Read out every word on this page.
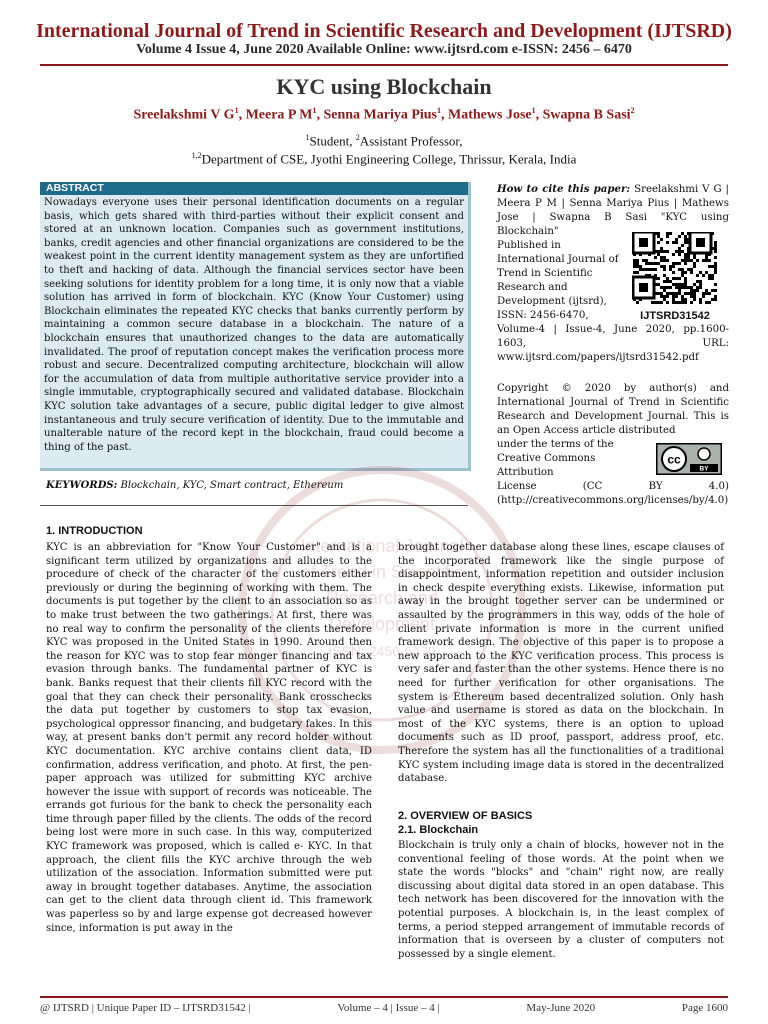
International Journal of Trend in Scientific Research and Development (IJTSRD)
Volume 4 Issue 4, June 2020 Available Online: www.ijtsrd.com e-ISSN: 2456 – 6470
KYC using Blockchain
Sreelakshmi V $G^1$, Meera P $M^1$, Senna Mariya Pius$^1$, Mathews Jose$^1$, Swapna B Sasi$^2$
$^1$Student, $^2$Assistant Professor,
$^{1,2}$Department of CSE, Jyothi Engineering College, Thrissur, Kerala, India
ABSTRACT
Nowadays everyone uses their personal identification documents on a regular basis, which gets shared with third-parties without their explicit consent and stored at an unknown location. Companies such as government institutions, banks, credit agencies and other financial organizations are considered to be the weakest point in the current identity management system as they are unfortified to theft and hacking of data. Although the financial services sector have been seeking solutions for identity problem for a long time, it is only now that a viable solution has arrived in form of blockchain. KYC (Know Your Customer) using Blockchain eliminates the repeated KYC checks that banks currently perform by maintaining a common secure database in a blockchain. The nature of a blockchain ensures that unauthorized changes to the data are automatically invalidated. The proof of reputation concept makes the verification process more robust and secure. Decentralized computing architecture, blockchain will allow for the accumulation of data from multiple authoritative service provider into a single immutable, cryptographically secured and validated database. Blockchain KYC solution take advantages of a secure, public digital ledger to give almost instantaneous and truly secure verification of identity. Due to the immutable and unalterable nature of the record kept in the blockchain, fraud could become a thing of the past.
KEYWORDS: Blockchain, KYC, Smart contract, Ethereum
How to cite this paper: Sreelakshmi V G | Meera P M | Senna Mariya Pius | Mathews Jose | Swapna B Sasi "KYC using Blockchain"
Published in International Journal of Trend in Scientific Research and Development (ijtsrd), ISSN: 2456-6470,
Volume-4 | Issue-4, June 2020, pp.1600-1603, URL: www.ijtsrd.com/papers/ijtsrd31542.pdf
IJTSRD31542
Copyright © 2020 by author(s) and International Journal of Trend in Scientific Research and Development Journal. This is an Open Access article distributed
under the terms of the Creative Commons Attribution
License (CC BY 4.0) (http://creativecommons.org/licenses/by/4.0)
cc
BY
International Journal
of Trend in Scientific
Research and
Development
ISSN: 2456-6470
1. INTRODUCTION
KYC is an abbreviation for "Know Your Customer" and is a significant term utilized by organizations and alludes to the procedure of check of the character of the customers either previously or during the beginning of working with them. The documents is put together by the client to an association so as to make trust between the two gatherings. At first, there was no real way to confirm the personality of the clients therefore KYC was proposed in the United States in 1990. Around then the reason for KYC was to stop fear monger financing and tax evasion through banks. The fundamental partner of KYC is bank. Banks request that their clients fill KYC record with the goal that they can check their personality. Bank crosschecks the data put together by customers to stop tax evasion, psychological oppressor financing, and budgetary fakes. In this way, at present banks don't permit any record holder without KYC documentation. KYC archive contains client data, ID confirmation, address verification, and photo. At first, the pen-paper approach was utilized for submitting KYC archive however the issue with support of records was noticeable. The errands got furious for the bank to check the personality each time through paper filled by the clients. The odds of the record being lost were more in such case. In this way, computerized KYC framework was proposed, which is called e- KYC. In that approach, the client fills the KYC archive through the web utilization of the association. Information submitted were put away in brought together databases. Anytime, the association can get to the client data through client id. This framework was paperless so by and large expense got decreased however since, information is put away in the
brought together database along these lines, escape clauses of the incorporated framework like the single purpose of disappointment, information repetition and outsider inclusion in check despite everything exists. Likewise, information put away in the brought together server can be undermined or assaulted by the programmers in this way, odds of the hole of client private information is more in the current unified framework design. The objective of this paper is to propose a new approach to the KYC verification process. This process is very safer and faster than the other systems. Hence there is no need for further verification for other organisations. The system is Ethereum based decentralized solution. Only hash value and username is stored as data on the blockchain. In most of the KYC systems, there is an option to upload documents such as ID proof, passport, address proof, etc. Therefore the system has all the functionalities of a traditional KYC system including image data is stored in the decentralized database.
2. OVERVIEW OF BASICS
2.1. Blockchain
Blockchain is truly only a chain of blocks, however not in the conventional feeling of those words. At the point when we state the words "blocks" and "chain" right now, are really discussing about digital data stored in an open database. This tech network has been discovered for the innovation with the potential purposes. A blockchain is, in the least complex of terms, a period stepped arrangement of immutable records of information that is overseen by a cluster of computers not possessed by a single element.
@ IJTSRD | Unique Paper ID – IJTSRD31542 |	Volume – 4 | Issue – 4 |	May-June 2020	Page 1600
